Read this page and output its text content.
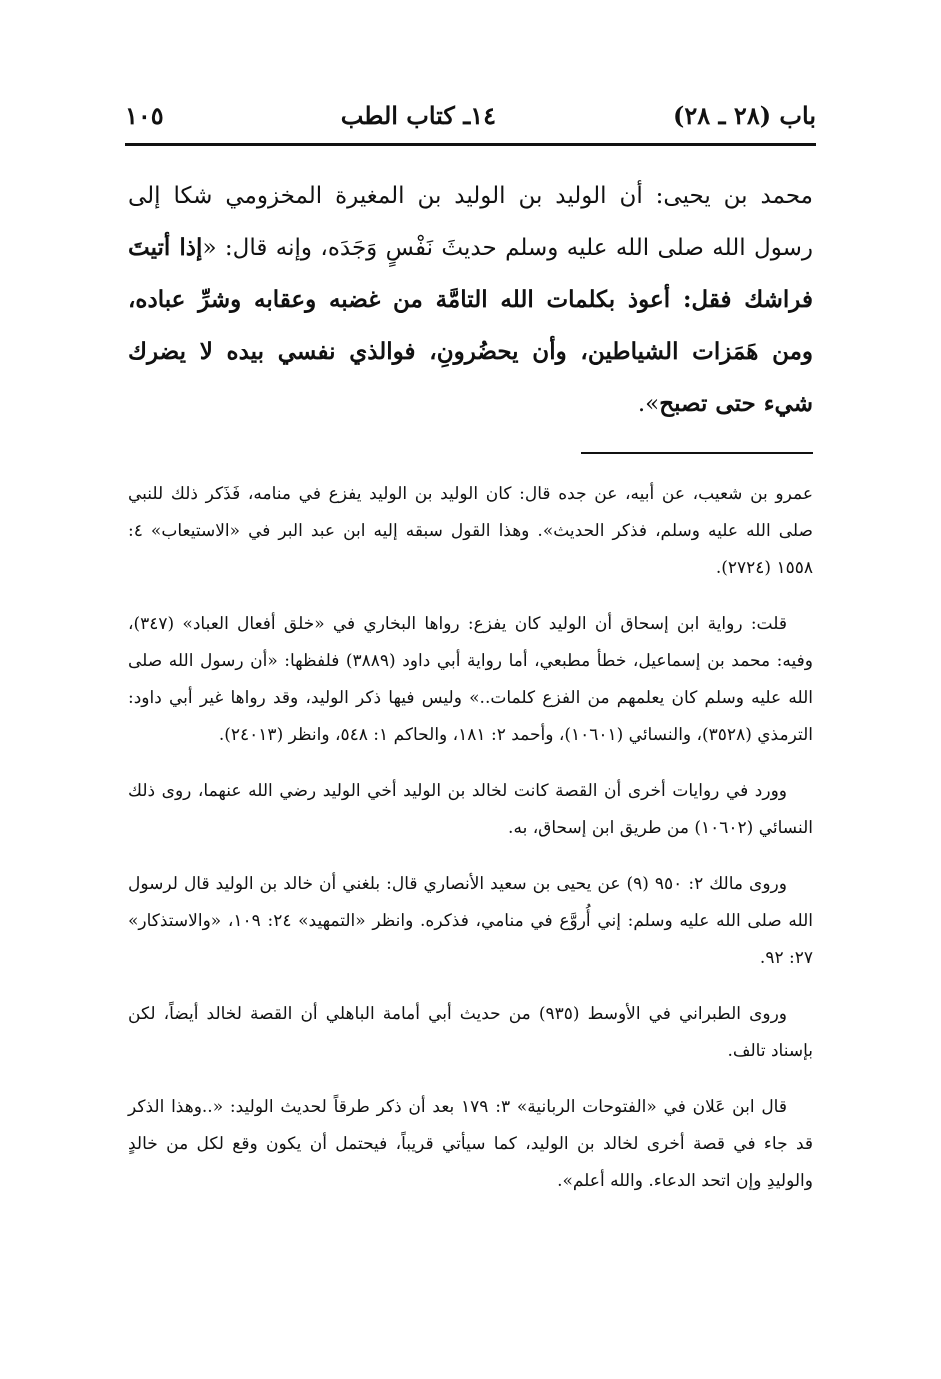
باب (٢٨ ـ ٢٨)
١٤ـ كتاب الطب
١٠٥

محمد بن يحيى: أن الوليد بن الوليد بن المغيرة المخزومي شكا إلى رسول الله صلى الله عليه وسلم حديثَ نَفْسٍ وَجَدَه، وإنه قال: «إذا أتيتَ فراشك فقل: أعوذ بكلمات الله التامَّة من غضبه وعقابه وشرِّ عباده، ومن هَمَزات الشياطين، وأن يحضُرونِ، فوالذي نفسي بيده لا يضرك شيء حتى تصبح».

عمرو بن شعيب، عن أبيه، عن جده قال: كان الوليد بن الوليد يفزع في منامه، فَذَكر ذلك للنبي صلى الله عليه وسلم، فذكر الحديث». وهذا القول سبقه إليه ابن عبد البر في «الاستيعاب» ٤: ١٥٥٨ (٢٧٢٤).

قلت: رواية ابن إسحاق أن الوليد كان يفزع: رواها البخاري في «خلق أفعال العباد» (٣٤٧)، وفيه: محمد بن إسماعيل، خطأ مطبعي، أما رواية أبي داود (٣٨٨٩) فلفظها: «أن رسول الله صلى الله عليه وسلم كان يعلمهم من الفزع كلمات..» وليس فيها ذكر الوليد، وقد رواها غير أبي داود: الترمذي (٣٥٢٨)، والنسائي (١٠٦٠١)، وأحمد ٢: ١٨١، والحاكم ١: ٥٤٨، وانظر (٢٤٠١٣).

وورد في روايات أخرى أن القصة كانت لخالد بن الوليد أخي الوليد رضي الله عنهما، روى ذلك النسائي (١٠٦٠٢) من طريق ابن إسحاق، به.

وروى مالك ٢: ٩٥٠ (٩) عن يحيى بن سعيد الأنصاري قال: بلغني أن خالد بن الوليد قال لرسول الله صلى الله عليه وسلم: إني أُروَّع في منامي، فذكره. وانظر «التمهيد» ٢٤: ١٠٩، «والاستذكار» ٢٧: ٩٢.

وروى الطبراني في الأوسط (٩٣٥) من حديث أبي أمامة الباهلي أن القصة لخالد أيضاً، لكن بإسناد تالف.

قال ابن عَلان في «الفتوحات الربانية» ٣: ١٧٩ بعد أن ذكر طرقاً لحديث الوليد: «..وهذا الذكر قد جاء في قصة أخرى لخالد بن الوليد، كما سيأتي قريباً، فيحتمل أن يكون وقع لكل من خالدٍ والوليدِ وإن اتحد الدعاء. والله أعلم».
